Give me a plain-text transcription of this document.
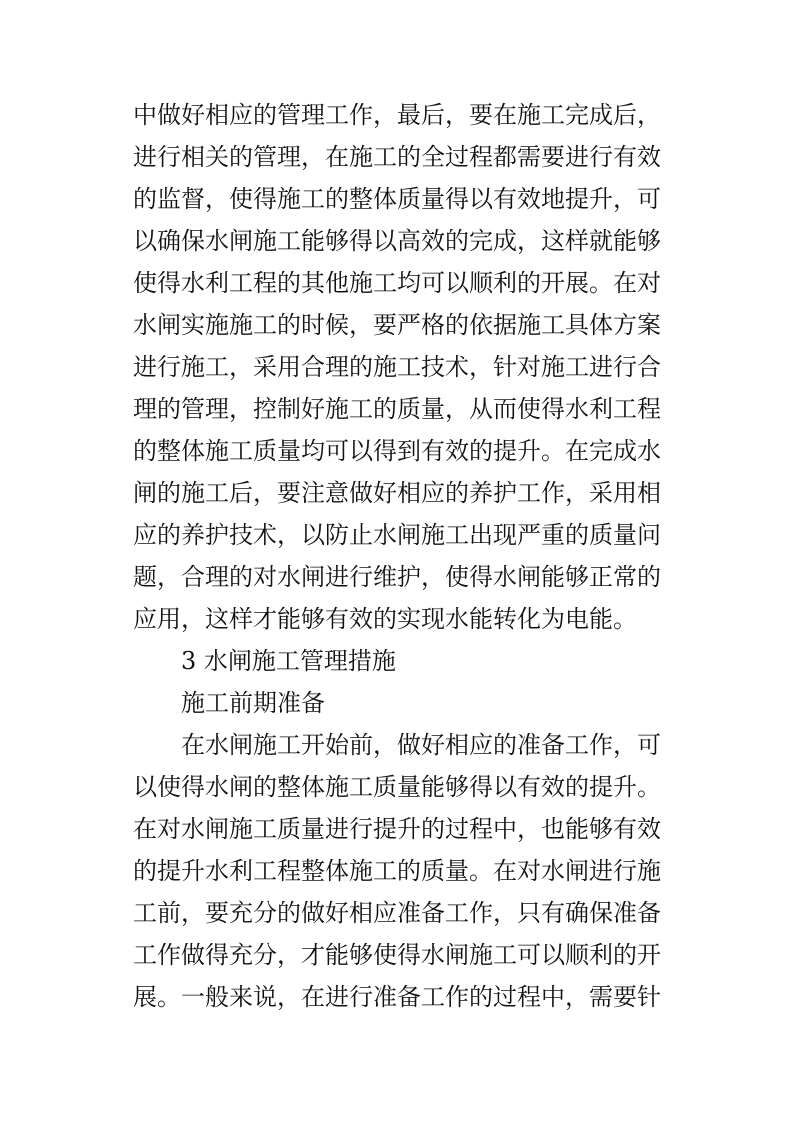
中做好相应的管理工作，最后，要在施工完成后，
进行相关的管理，在施工的全过程都需要进行有效
的监督，使得施工的整体质量得以有效地提升，可
以确保水闸施工能够得以高效的完成，这样就能够
使得水利工程的其他施工均可以顺利的开展。在对
水闸实施施工的时候，要严格的依据施工具体方案
进行施工，采用合理的施工技术，针对施工进行合
理的管理，控制好施工的质量，从而使得水利工程
的整体施工质量均可以得到有效的提升。在完成水
闸的施工后，要注意做好相应的养护工作，采用相
应的养护技术，以防止水闸施工出现严重的质量问
题，合理的对水闸进行维护，使得水闸能够正常的
应用，这样才能够有效的实现水能转化为电能。
3 水闸施工管理措施
施工前期准备
在水闸施工开始前，做好相应的准备工作，可
以使得水闸的整体施工质量能够得以有效的提升。
在对水闸施工质量进行提升的过程中，也能够有效
的提升水利工程整体施工的质量。在对水闸进行施
工前，要充分的做好相应准备工作，只有确保准备
工作做得充分，才能够使得水闸施工可以顺利的开
展。一般来说，在进行准备工作的过程中，需要针
